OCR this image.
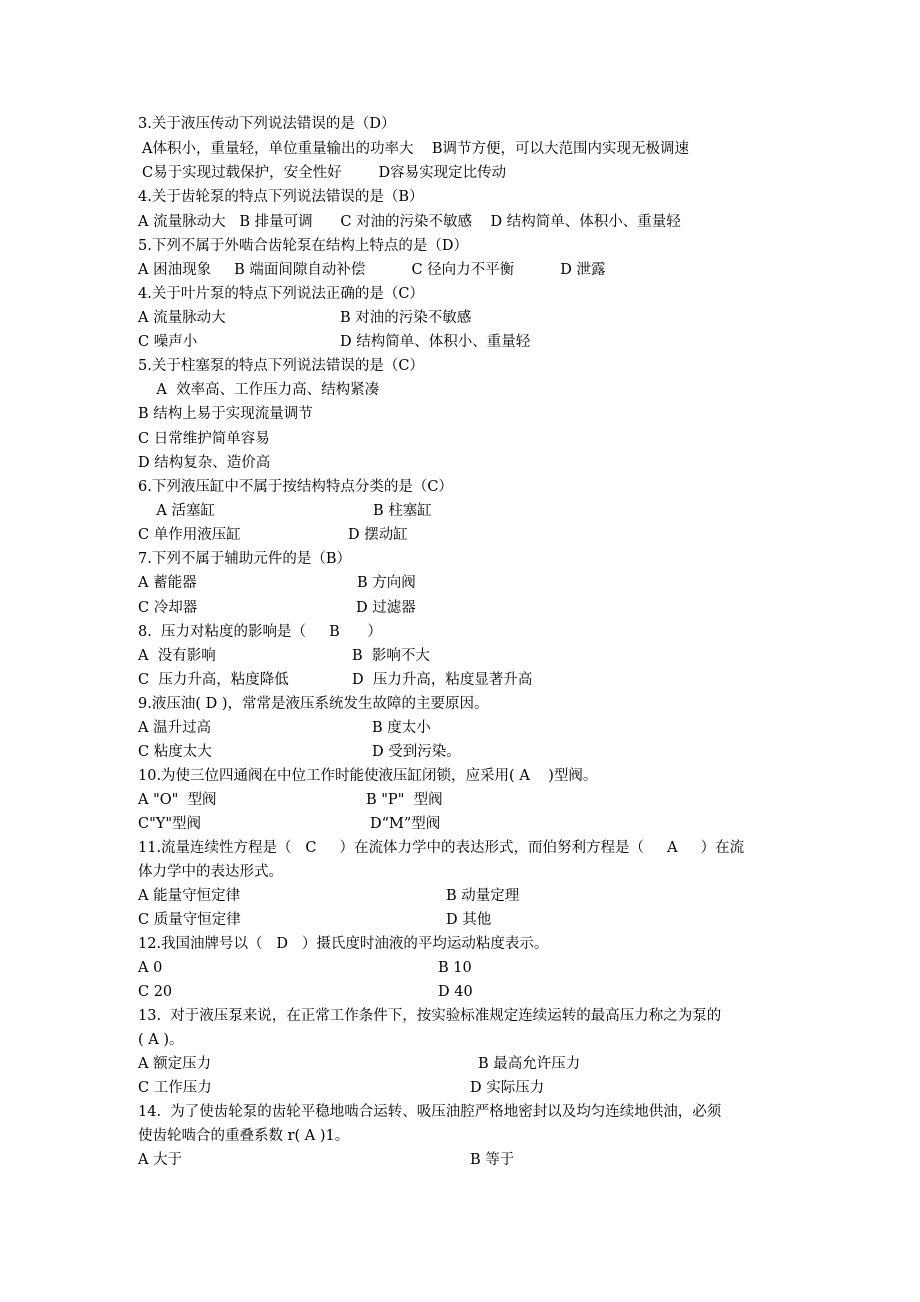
3.关于液压传动下列说法错误的是（D）
A体积小，重量轻，单位重量输出的功率大    B调节方便，可以大范围内实现无极调速
C易于实现过载保护，安全性好        D容易实现定比传动
4.关于齿轮泵的特点下列说法错误的是（B）
A 流量脉动大   B 排量可调      C 对油的污染不敏感    D 结构简单、体积小、重量轻
5.下列不属于外啮合齿轮泵在结构上特点的是（D）
A 困油现象     B 端面间隙自动补偿          C 径向力不平衡          D 泄露
4.关于叶片泵的特点下列说法正确的是（C）
A 流量脉动大	B 对油的污染不敏感
C 噪声小	D 结构简单、体积小、重量轻
5.关于柱塞泵的特点下列说法错误的是（C）
A  效率高、工作压力高、结构紧凑
B 结构上易于实现流量调节
C 日常维护简单容易
D 结构复杂、造价高
6.下列液压缸中不属于按结构特点分类的是（C）
A 活塞缸	B 柱塞缸
C 单作用液压缸	D 摆动缸
7.下列不属于辅助元件的是（B）
A 蓄能器	B 方向阀
C 冷却器	D 过滤器
8.  压力对粘度的影响是（     B      ）
A  没有影响	B  影响不大
C  压力升高，粘度降低	D  压力升高，粘度显著升高
9.液压油( D )，常常是液压系统发生故障的主要原因。
A 温升过高	B 度太小
C 粘度太大	D 受到污染。
10.为使三位四通阀在中位工作时能使液压缸闭锁，应采用( A    )型阀。
A "O"  型阀	B "P"  型阀
C"Y"型阀	D“M”型阀
11.流量连续性方程是（   C     ）在流体力学中的表达形式，而伯努利方程是（     A     ）在流
体力学中的表达形式。
A 能量守恒定律	B 动量定理
C 质量守恒定律	D 其他
12.我国油牌号以（   D   ）摄氏度时油液的平均运动粘度表示。
A 0	B 10
C 20	D 40
13.  对于液压泵来说，在正常工作条件下，按实验标准规定连续运转的最高压力称之为泵的
( A )。
A 额定压力	B 最高允许压力
C 工作压力	D 实际压力
14.  为了使齿轮泵的齿轮平稳地啮合运转、吸压油腔严格地密封以及均匀连续地供油，必须
使齿轮啮合的重叠系数 r( A )1。
A 大于	B 等于
